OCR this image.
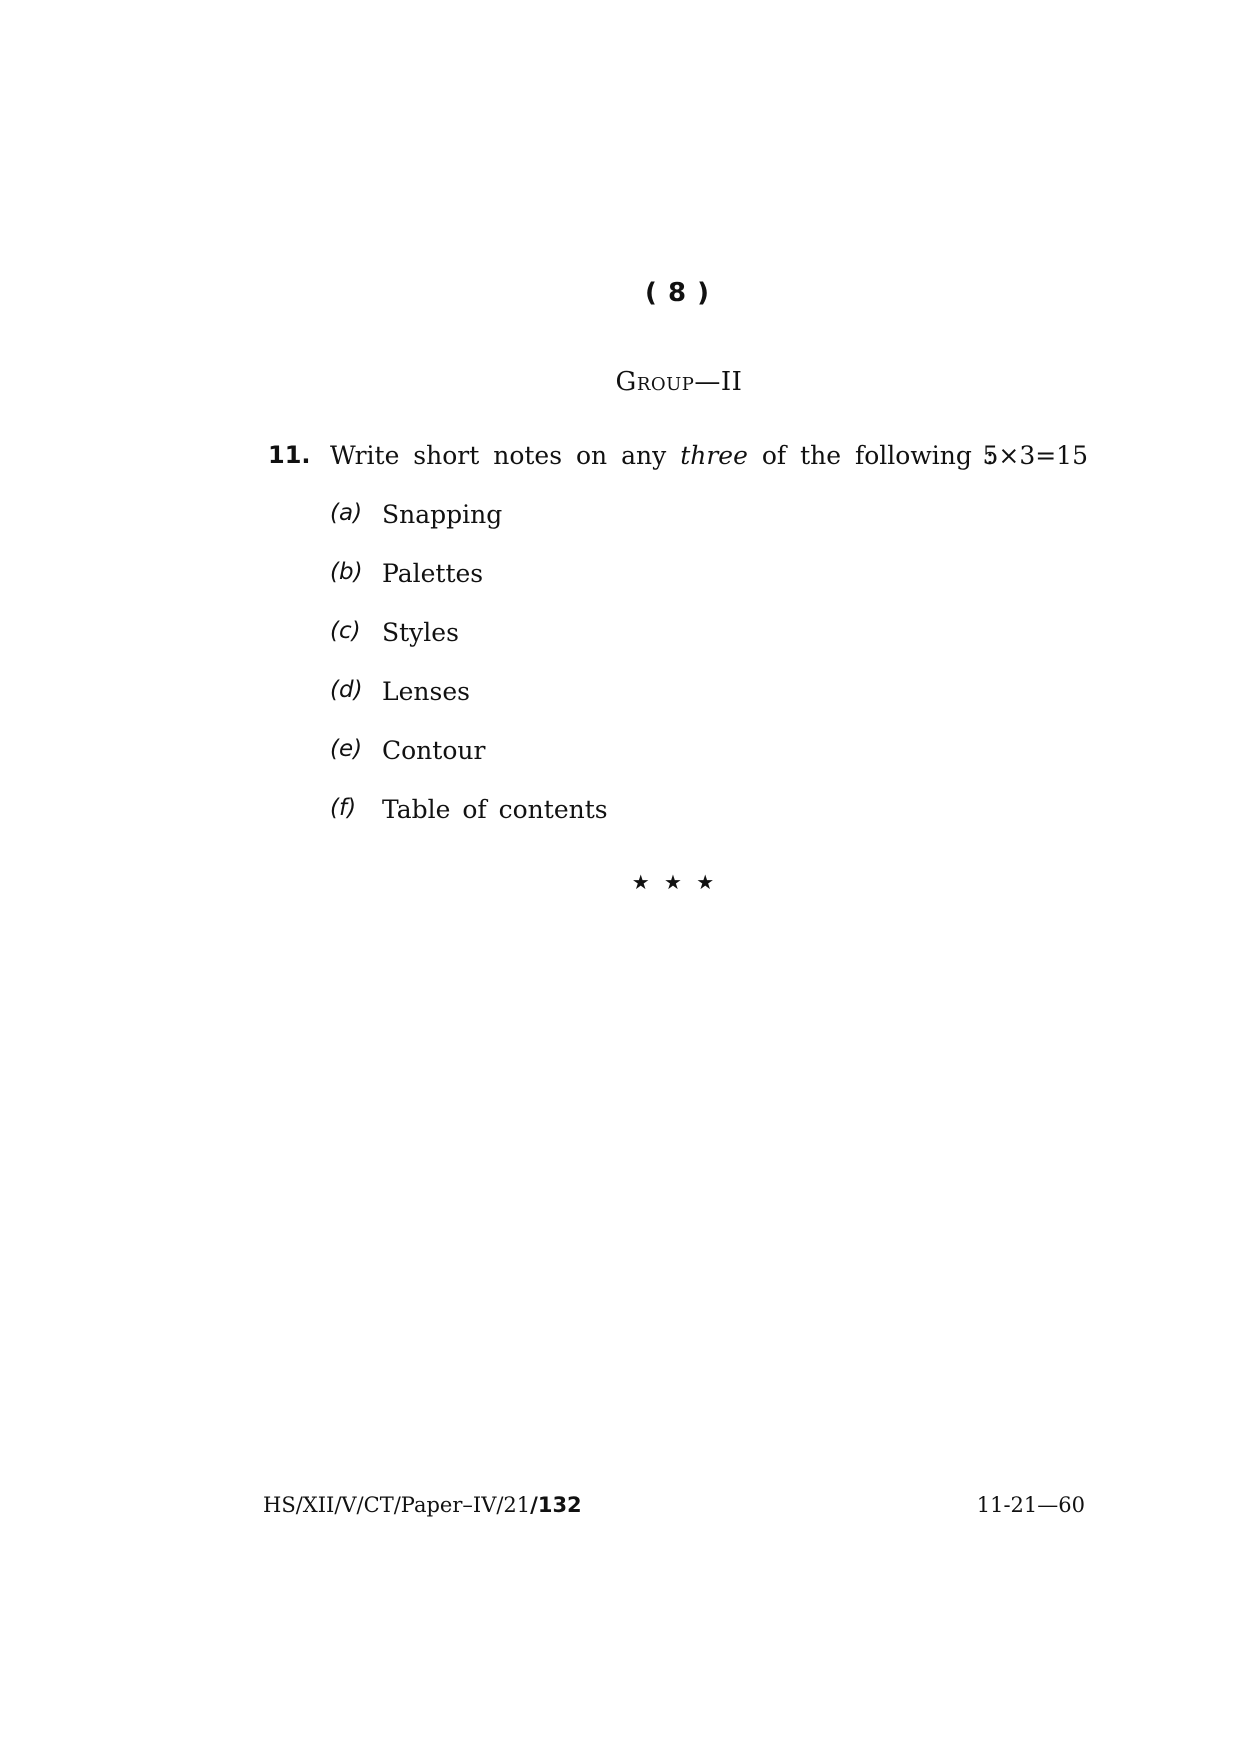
( 8 )
Group—II
11. Write short notes on any three of the following :
5×3=15
(a) Snapping
(b) Palettes
(c) Styles
(d) Lenses
(e) Contour
(f) Table of contents
★ ★ ★
HS/XII/V/CT/Paper–IV/21/132	11-21—60
